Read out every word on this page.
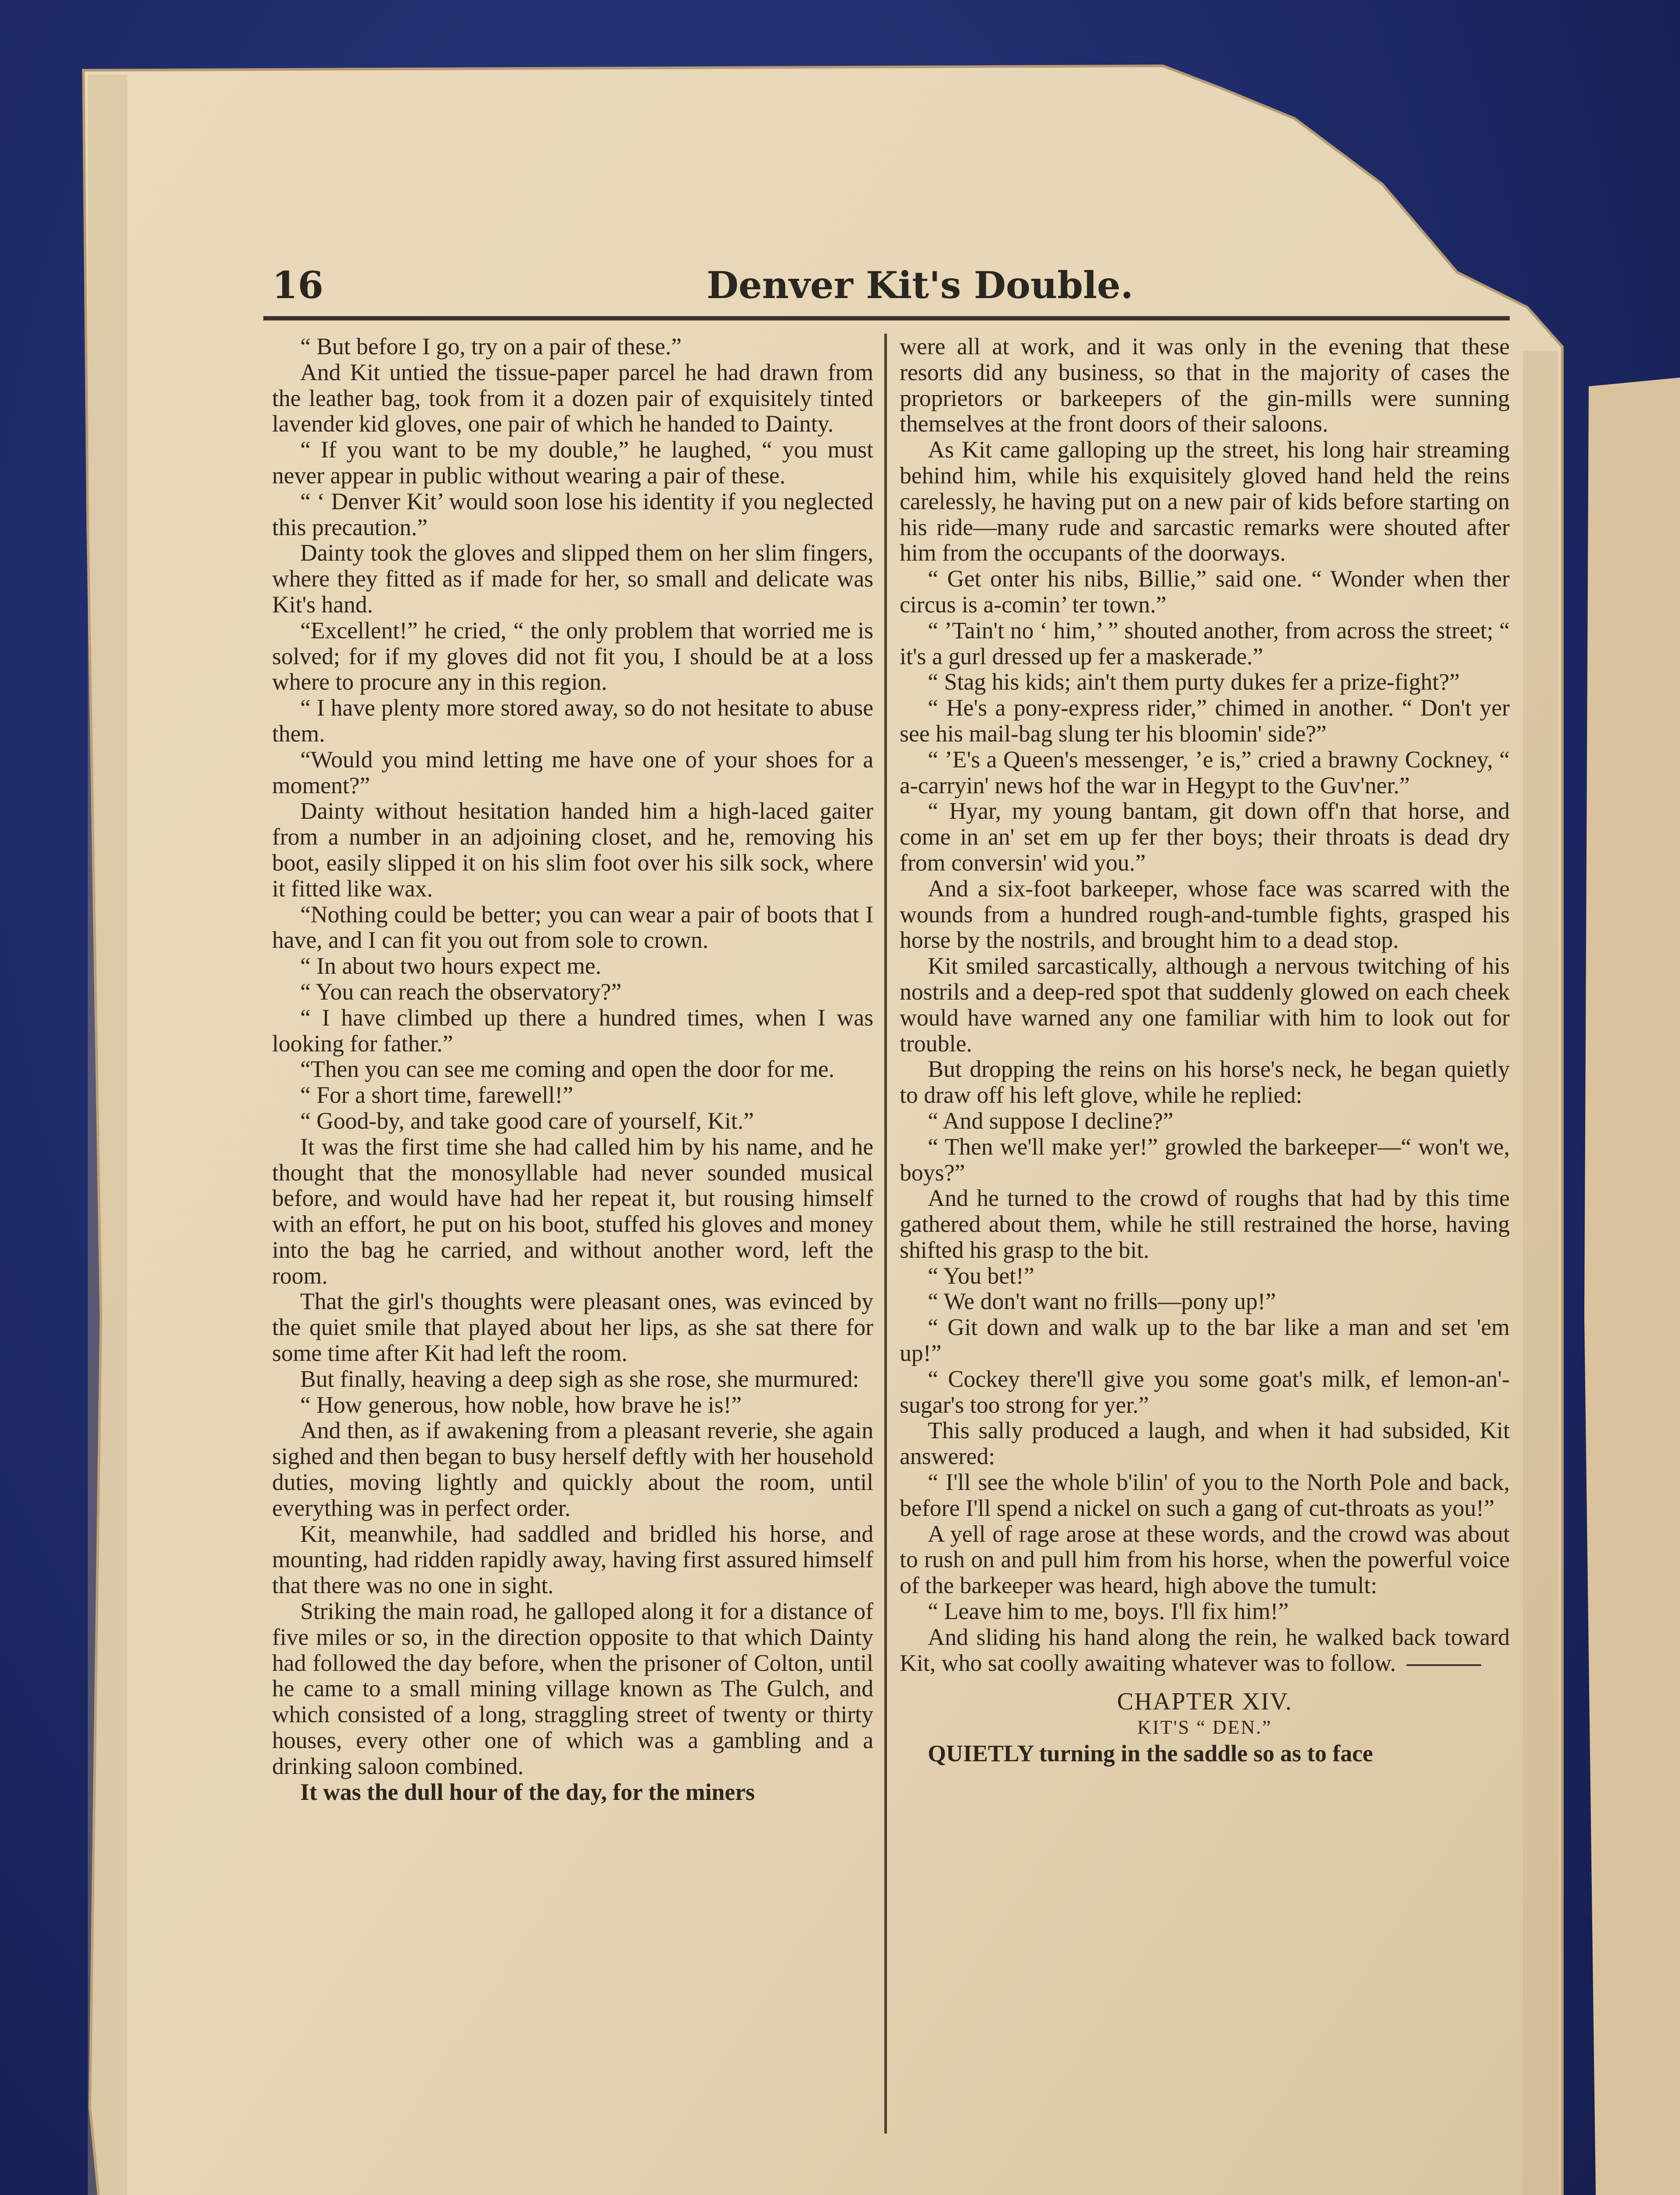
16	Denver Kit's Double.

“ But before I go, try on a pair of these.”

And Kit untied the tissue-paper parcel he had drawn from the leather bag, took from it a dozen pair of exquisitely tinted lavender kid gloves, one pair of which he handed to Dainty.

“ If you want to be my double,” he laughed, “ you must never appear in public without wearing a pair of these.

“ ‘ Denver Kit’ would soon lose his identity if you neglected this precaution.”

Dainty took the gloves and slipped them on her slim fingers, where they fitted as if made for her, so small and delicate was Kit's hand.

“Excellent!” he cried, “ the only problem that worried me is solved; for if my gloves did not fit you, I should be at a loss where to procure any in this region.

“ I have plenty more stored away, so do not hesitate to abuse them.

“Would you mind letting me have one of your shoes for a moment?”

Dainty without hesitation handed him a high-laced gaiter from a number in an adjoining closet, and he, removing his boot, easily slipped it on his slim foot over his silk sock, where it fitted like wax.

“Nothing could be better; you can wear a pair of boots that I have, and I can fit you out from sole to crown.

“ In about two hours expect me.

“ You can reach the observatory?”

“ I have climbed up there a hundred times, when I was looking for father.”

“Then you can see me coming and open the door for me.

“ For a short time, farewell!”

“ Good-by, and take good care of yourself, Kit.”

It was the first time she had called him by his name, and he thought that the monosyllable had never sounded musical before, and would have had her repeat it, but rousing himself with an effort, he put on his boot, stuffed his gloves and money into the bag he carried, and without another word, left the room.

That the girl's thoughts were pleasant ones, was evinced by the quiet smile that played about her lips, as she sat there for some time after Kit had left the room.

But finally, heaving a deep sigh as she rose, she murmured:

“ How generous, how noble, how brave he is!”

And then, as if awakening from a pleasant reverie, she again sighed and then began to busy herself deftly with her household duties, moving lightly and quickly about the room, until everything was in perfect order.

Kit, meanwhile, had saddled and bridled his horse, and mounting, had ridden rapidly away, having first assured himself that there was no one in sight.

Striking the main road, he galloped along it for a distance of five miles or so, in the direction opposite to that which Dainty had followed the day before, when the prisoner of Colton, until he came to a small mining village known as The Gulch, and which consisted of a long, straggling street of twenty or thirty houses, every other one of which was a gambling and a drinking saloon combined.

It was the dull hour of the day, for the miners

were all at work, and it was only in the evening that these resorts did any business, so that in the majority of cases the proprietors or barkeepers of the gin-mills were sunning themselves at the front doors of their saloons.

As Kit came galloping up the street, his long hair streaming behind him, while his exquisitely gloved hand held the reins carelessly, he having put on a new pair of kids before starting on his ride—many rude and sarcastic remarks were shouted after him from the occupants of the doorways.

“ Get onter his nibs, Billie,” said one. “ Wonder when ther circus is a-comin’ ter town.”

“ ’Tain't no ‘ him,’ ” shouted another, from across the street; “ it's a gurl dressed up fer a maskerade.”

“ Stag his kids; ain't them purty dukes fer a prize-fight?”

“ He's a pony-express rider,” chimed in another. “ Don't yer see his mail-bag slung ter his bloomin' side?”

“ ’E's a Queen's messenger, ’e is,” cried a brawny Cockney, “ a-carryin' news hof the war in Hegypt to the Guv'ner.”

“ Hyar, my young bantam, git down off'n that horse, and come in an' set em up fer ther boys; their throats is dead dry from conversin' wid you.”

And a six-foot barkeeper, whose face was scarred with the wounds from a hundred rough-and-tumble fights, grasped his horse by the nostrils, and brought him to a dead stop.

Kit smiled sarcastically, although a nervous twitching of his nostrils and a deep-red spot that suddenly glowed on each cheek would have warned any one familiar with him to look out for trouble.

But dropping the reins on his horse's neck, he began quietly to draw off his left glove, while he replied:

“ And suppose I decline?”

“ Then we'll make yer!” growled the barkeeper—“ won't we, boys?”

And he turned to the crowd of roughs that had by this time gathered about them, while he still restrained the horse, having shifted his grasp to the bit.

“ You bet!”

“ We don't want no frills—pony up!”

“ Git down and walk up to the bar like a man and set 'em up!”

“ Cockey there'll give you some goat's milk, ef lemon-an'-sugar's too strong for yer.”

This sally produced a laugh, and when it had subsided, Kit answered:

“ I'll see the whole b'ilin' of you to the North Pole and back, before I'll spend a nickel on such a gang of cut-throats as you!”

A yell of rage arose at these words, and the crowd was about to rush on and pull him from his horse, when the powerful voice of the barkeeper was heard, high above the tumult:

“ Leave him to me, boys. I'll fix him!”

And sliding his hand along the rein, he walked back toward Kit, who sat coolly awaiting whatever was to follow.

CHAPTER XIV.

KIT'S “ DEN.”

QUIETLY turning in the saddle so as to face
